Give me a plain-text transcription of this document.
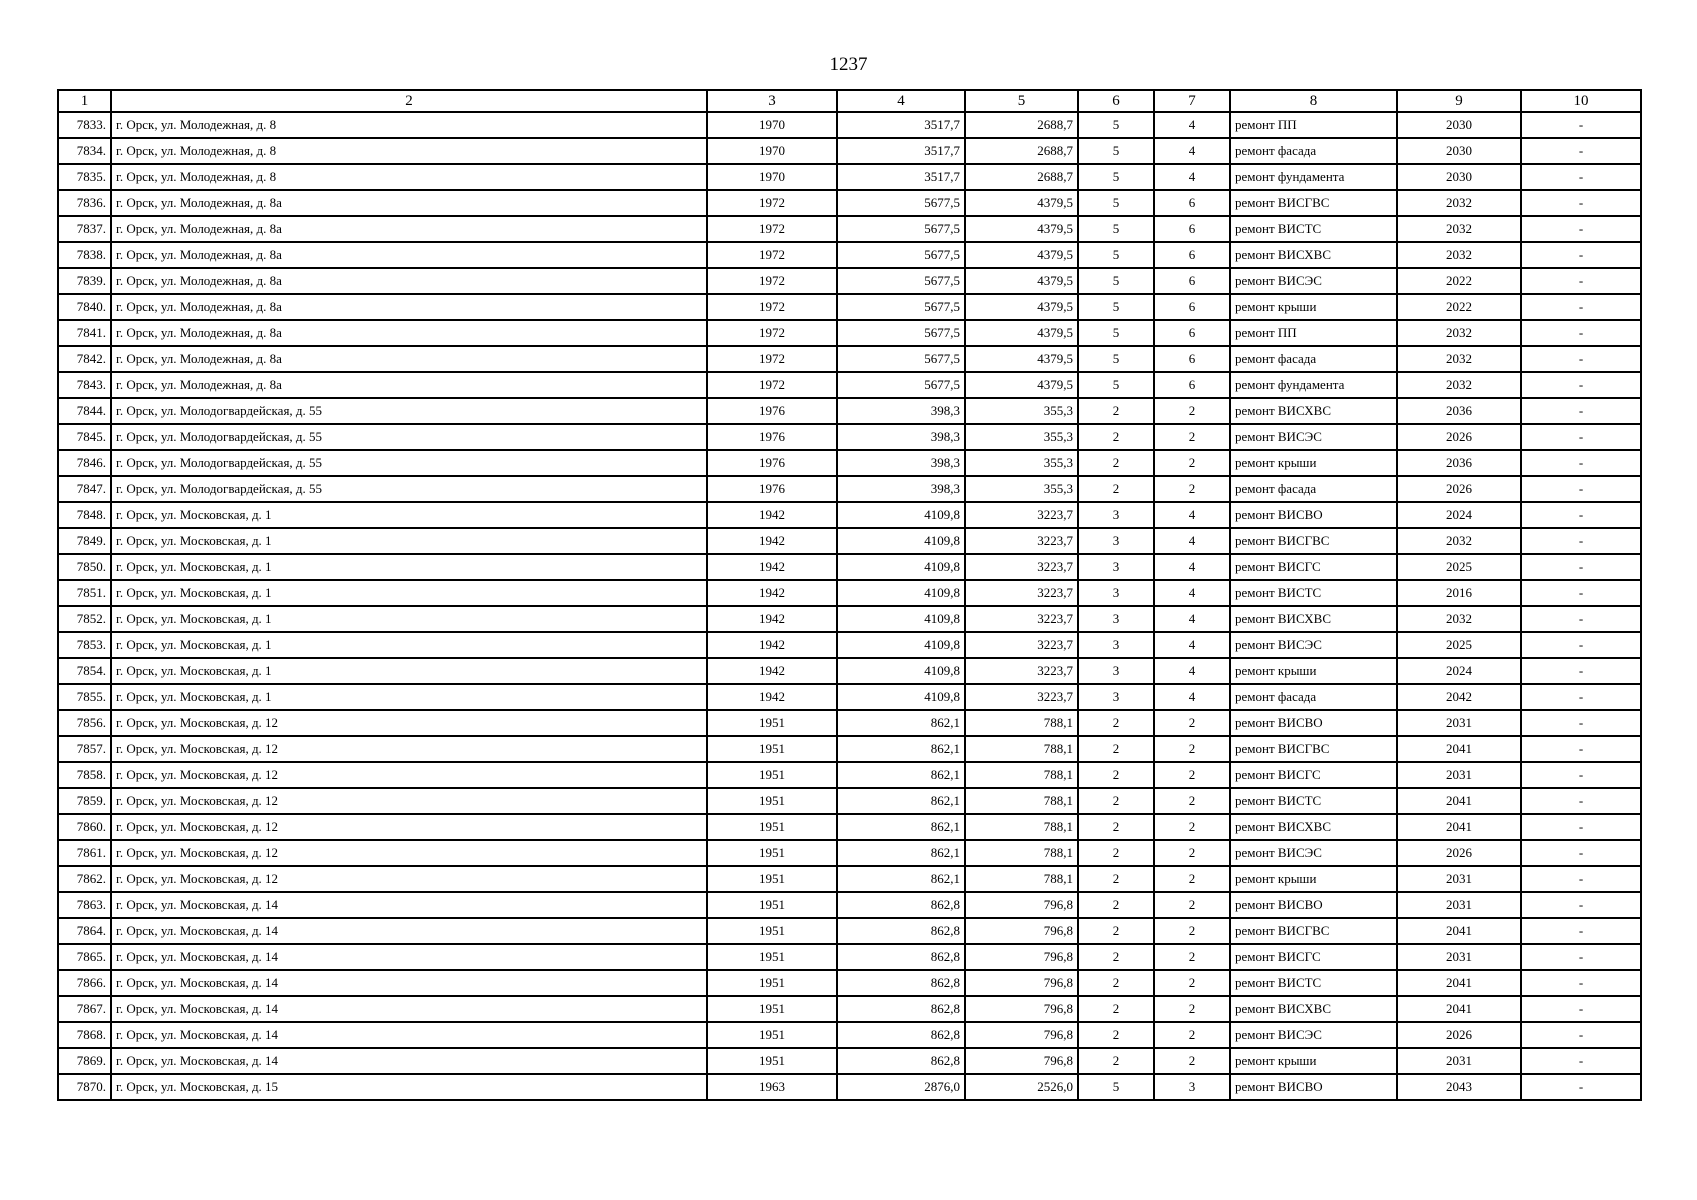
1237
1	2	3	4	5	6	7	8	9	10
7833.	г. Орск, ул. Молодежная, д. 8	1970	3517,7	2688,7	5	4	ремонт ПП	2030	-
7834.	г. Орск, ул. Молодежная, д. 8	1970	3517,7	2688,7	5	4	ремонт фасада	2030	-
7835.	г. Орск, ул. Молодежная, д. 8	1970	3517,7	2688,7	5	4	ремонт фундамента	2030	-
7836.	г. Орск, ул. Молодежная, д. 8а	1972	5677,5	4379,5	5	6	ремонт ВИСГВС	2032	-
7837.	г. Орск, ул. Молодежная, д. 8а	1972	5677,5	4379,5	5	6	ремонт ВИСТС	2032	-
7838.	г. Орск, ул. Молодежная, д. 8а	1972	5677,5	4379,5	5	6	ремонт ВИСХВС	2032	-
7839.	г. Орск, ул. Молодежная, д. 8а	1972	5677,5	4379,5	5	6	ремонт ВИСЭС	2022	-
7840.	г. Орск, ул. Молодежная, д. 8а	1972	5677,5	4379,5	5	6	ремонт крыши	2022	-
7841.	г. Орск, ул. Молодежная, д. 8а	1972	5677,5	4379,5	5	6	ремонт ПП	2032	-
7842.	г. Орск, ул. Молодежная, д. 8а	1972	5677,5	4379,5	5	6	ремонт фасада	2032	-
7843.	г. Орск, ул. Молодежная, д. 8а	1972	5677,5	4379,5	5	6	ремонт фундамента	2032	-
7844.	г. Орск, ул. Молодогвардейская, д. 55	1976	398,3	355,3	2	2	ремонт ВИСХВС	2036	-
7845.	г. Орск, ул. Молодогвардейская, д. 55	1976	398,3	355,3	2	2	ремонт ВИСЭС	2026	-
7846.	г. Орск, ул. Молодогвардейская, д. 55	1976	398,3	355,3	2	2	ремонт крыши	2036	-
7847.	г. Орск, ул. Молодогвардейская, д. 55	1976	398,3	355,3	2	2	ремонт фасада	2026	-
7848.	г. Орск, ул. Московская, д. 1	1942	4109,8	3223,7	3	4	ремонт ВИСВО	2024	-
7849.	г. Орск, ул. Московская, д. 1	1942	4109,8	3223,7	3	4	ремонт ВИСГВС	2032	-
7850.	г. Орск, ул. Московская, д. 1	1942	4109,8	3223,7	3	4	ремонт ВИСГС	2025	-
7851.	г. Орск, ул. Московская, д. 1	1942	4109,8	3223,7	3	4	ремонт ВИСТС	2016	-
7852.	г. Орск, ул. Московская, д. 1	1942	4109,8	3223,7	3	4	ремонт ВИСХВС	2032	-
7853.	г. Орск, ул. Московская, д. 1	1942	4109,8	3223,7	3	4	ремонт ВИСЭС	2025	-
7854.	г. Орск, ул. Московская, д. 1	1942	4109,8	3223,7	3	4	ремонт крыши	2024	-
7855.	г. Орск, ул. Московская, д. 1	1942	4109,8	3223,7	3	4	ремонт фасада	2042	-
7856.	г. Орск, ул. Московская, д. 12	1951	862,1	788,1	2	2	ремонт ВИСВО	2031	-
7857.	г. Орск, ул. Московская, д. 12	1951	862,1	788,1	2	2	ремонт ВИСГВС	2041	-
7858.	г. Орск, ул. Московская, д. 12	1951	862,1	788,1	2	2	ремонт ВИСГС	2031	-
7859.	г. Орск, ул. Московская, д. 12	1951	862,1	788,1	2	2	ремонт ВИСТС	2041	-
7860.	г. Орск, ул. Московская, д. 12	1951	862,1	788,1	2	2	ремонт ВИСХВС	2041	-
7861.	г. Орск, ул. Московская, д. 12	1951	862,1	788,1	2	2	ремонт ВИСЭС	2026	-
7862.	г. Орск, ул. Московская, д. 12	1951	862,1	788,1	2	2	ремонт крыши	2031	-
7863.	г. Орск, ул. Московская, д. 14	1951	862,8	796,8	2	2	ремонт ВИСВО	2031	-
7864.	г. Орск, ул. Московская, д. 14	1951	862,8	796,8	2	2	ремонт ВИСГВС	2041	-
7865.	г. Орск, ул. Московская, д. 14	1951	862,8	796,8	2	2	ремонт ВИСГС	2031	-
7866.	г. Орск, ул. Московская, д. 14	1951	862,8	796,8	2	2	ремонт ВИСТС	2041	-
7867.	г. Орск, ул. Московская, д. 14	1951	862,8	796,8	2	2	ремонт ВИСХВС	2041	-
7868.	г. Орск, ул. Московская, д. 14	1951	862,8	796,8	2	2	ремонт ВИСЭС	2026	-
7869.	г. Орск, ул. Московская, д. 14	1951	862,8	796,8	2	2	ремонт крыши	2031	-
7870.	г. Орск, ул. Московская, д. 15	1963	2876,0	2526,0	5	3	ремонт ВИСВО	2043	-
